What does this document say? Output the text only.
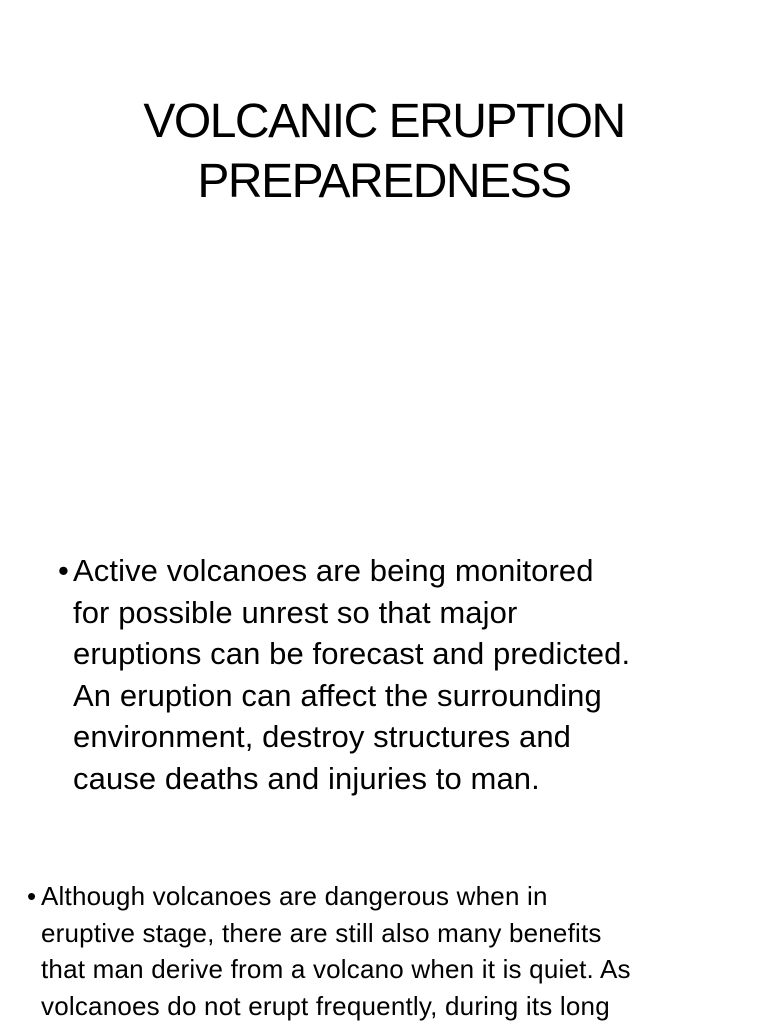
VOLCANIC ERUPTION
PREPAREDNESS
• Active volcanoes are being monitored
for possible unrest so that major
eruptions can be forecast and predicted.
An eruption can affect the surrounding
environment, destroy structures and
cause deaths and injuries to man.
• Although volcanoes are dangerous when in
eruptive stage, there are still also many benefits
that man derive from a volcano when it is quiet. As
volcanoes do not erupt frequently, during its long
